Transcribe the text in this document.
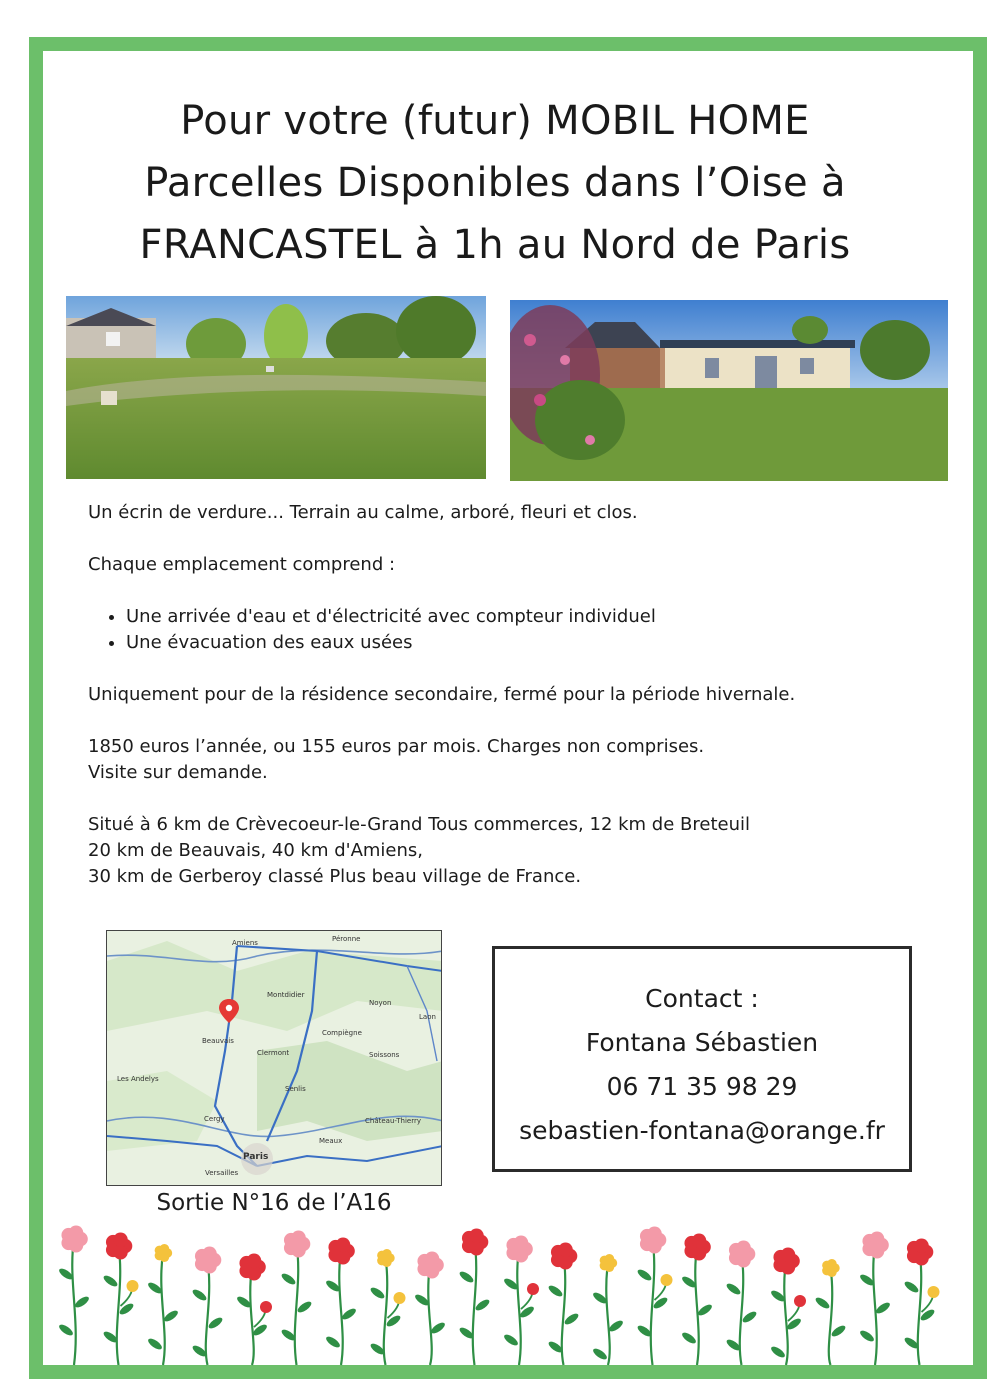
Pour votre (futur) MOBIL HOME
Parcelles Disponibles dans l’Oise à
FRANCASTEL à 1h au Nord de Paris

Un écrin de verdure... Terrain au calme, arboré, fleuri et clos.

Chaque emplacement comprend :

• Une arrivée d'eau et d'électricité avec compteur individuel
• Une évacuation des eaux usées

Uniquement pour de la résidence secondaire, fermé pour la période hivernale.

1850 euros l’année, ou 155 euros par mois. Charges non comprises.

Visite sur demande.

Situé à 6 km de Crèvecoeur-le-Grand Tous commerces, 12 km de Breteuil

20 km de Beauvais, 40 km d'Amiens,

30 km de Gerberoy classé Plus beau village de France.

Amiens	Péronne
Montdidier
Beauvais
Clermont
Compiègne
Noyon
Laon
Soissons
Senlis
Les Andelys
Cergy
Meaux
Château-Thierry
Paris
Versailles
Sortie N°16 de l’A16
Contact :
Fontana Sébastien
06 71 35 98 29
sebastien-fontana@orange.fr
